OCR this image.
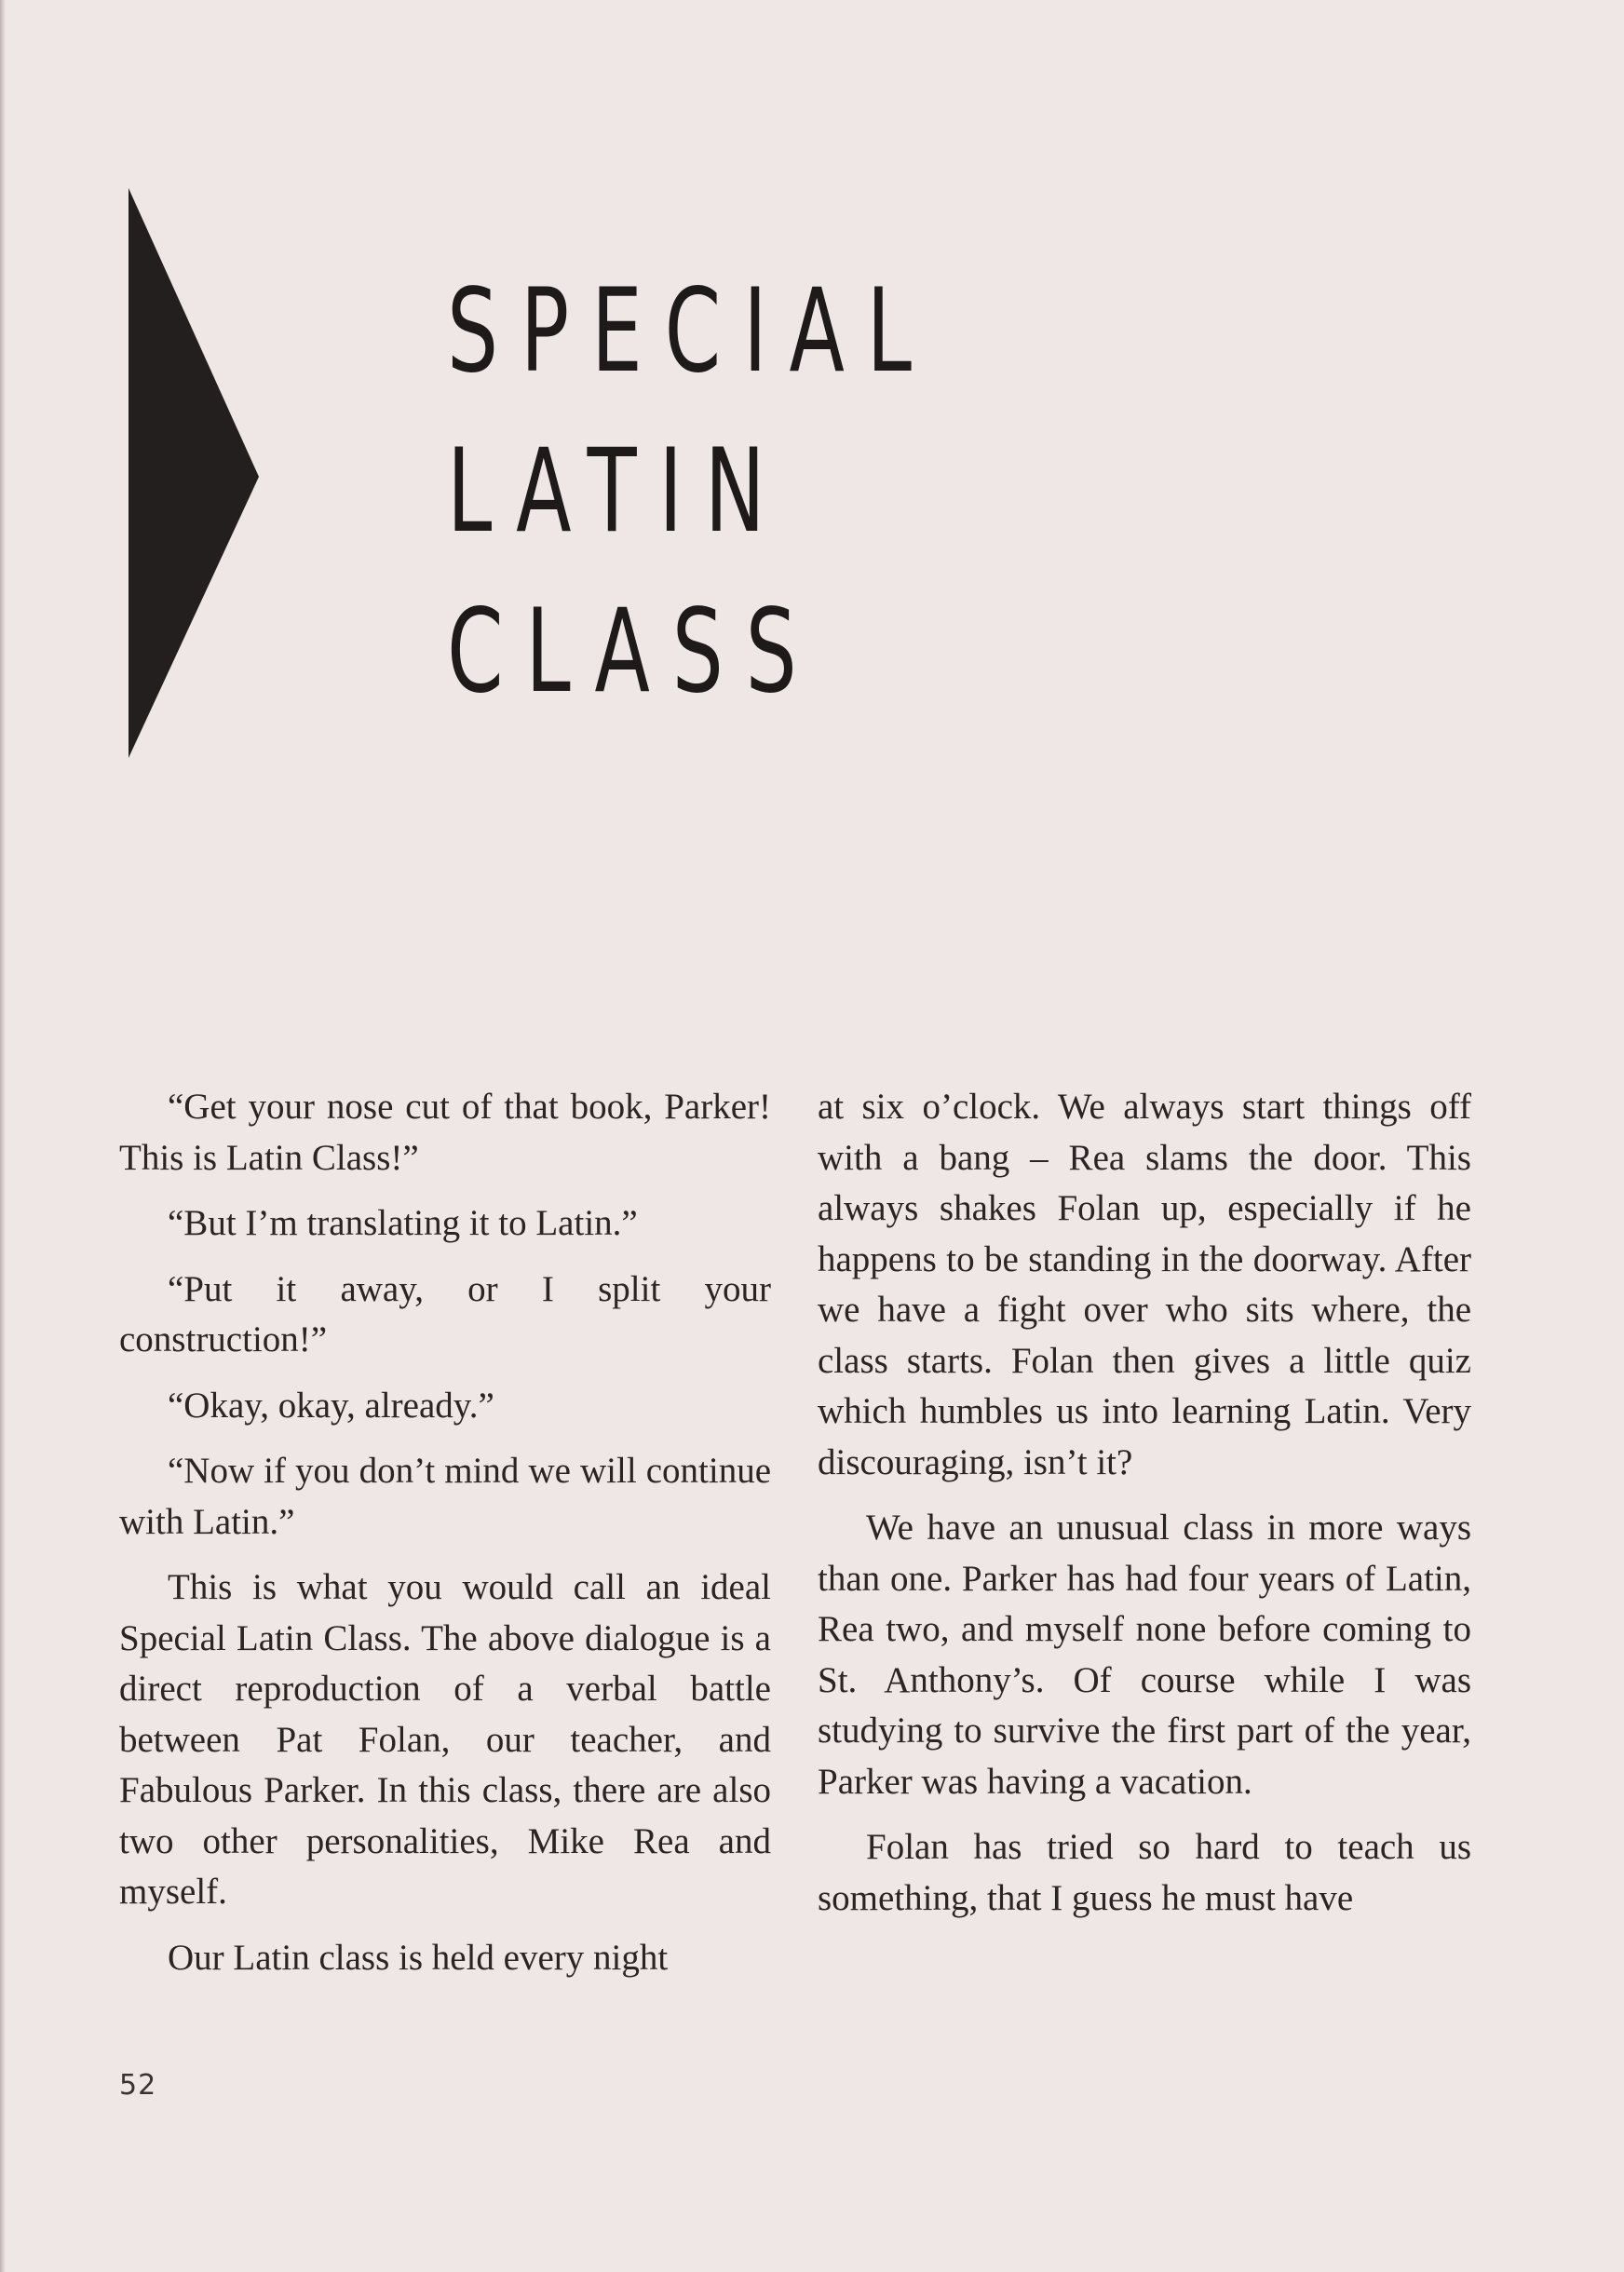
SPECIAL
LATIN
CLASS

“Get your nose cut of that book, Parker! This is Latin Class!”

“But I’m translating it to Latin.”

“Put it away, or I split your construction!”

“Okay, okay, already.”

“Now if you don’t mind we will continue with Latin.”

This is what you would call an ideal Special Latin Class. The above dialogue is a direct reproduction of a verbal battle between Pat Folan, our teacher, and Fabulous Parker. In this class, there are also two other personalities, Mike Rea and myself.

Our Latin class is held every night

at six o’clock. We always start things off with a bang – Rea slams the door. This always shakes Folan up, especially if he happens to be standing in the doorway. After we have a fight over who sits where, the class starts. Folan then gives a little quiz which humbles us into learning Latin. Very discouraging, isn’t it?

We have an unusual class in more ways than one. Parker has had four years of Latin, Rea two, and myself none before coming to St. Anthony’s. Of course while I was studying to survive the first part of the year, Parker was having a vacation.

Folan has tried so hard to teach us something, that I guess he must have

52
